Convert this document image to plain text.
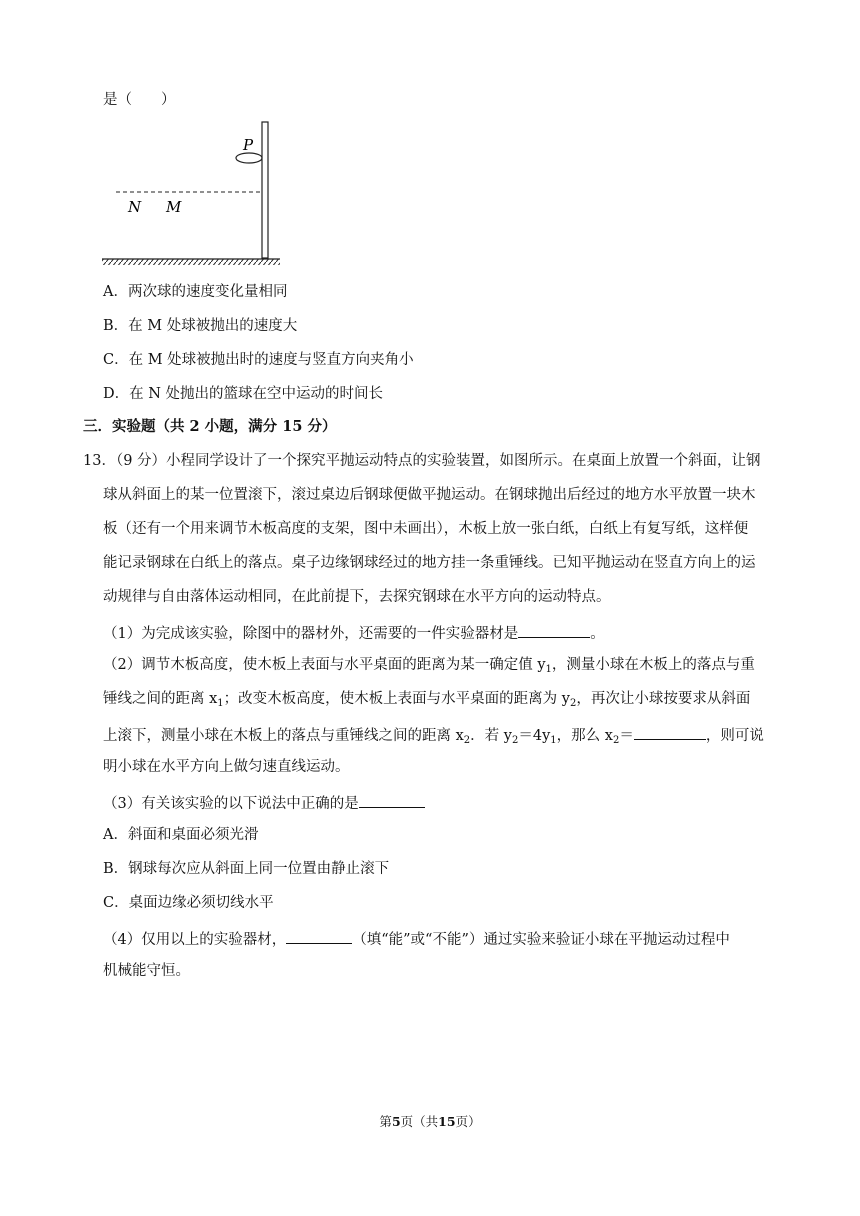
是（　　）
P
N M
A．两次球的速度变化量相同
B．在 M 处球被抛出的速度大
C．在 M 处球被抛出时的速度与竖直方向夹角小
D．在 N 处抛出的篮球在空中运动的时间长
三．实验题（共 2 小题，满分 15 分）
13．（9 分）小程同学设计了一个探究平抛运动特点的实验装置，如图所示。在桌面上放置一个斜面，让钢
球从斜面上的某一位置滚下，滚过桌边后钢球便做平抛运动。在钢球抛出后经过的地方水平放置一块木
板（还有一个用来调节木板高度的支架，图中未画出），木板上放一张白纸，白纸上有复写纸，这样便
能记录钢球在白纸上的落点。桌子边缘钢球经过的地方挂一条重锤线。已知平抛运动在竖直方向上的运
动规律与自由落体运动相同，在此前提下，去探究钢球在水平方向的运动特点。
（1）为完成该实验，除图中的器材外，还需要的一件实验器材是	。
（2）调节木板高度，使木板上表面与水平桌面的距离为某一确定值 $y_1$，测量小球在木板上的落点与重
锤线之间的距离 $x_1$；改变木板高度，使木板上表面与水平桌面的距离为 $y_2$，再次让小球按要求从斜面
上滚下，测量小球在木板上的落点与重锤线之间的距离 $x_2$．若 $y_2=4y_1$，那么 $x_2=$	，则可说
明小球在水平方向上做匀速直线运动。
（3）有关该实验的以下说法中正确的是
A．斜面和桌面必须光滑
B．钢球每次应从斜面上同一位置由静止滚下
C．桌面边缘必须切线水平
（4）仅用以上的实验器材，	（填“能”或“不能”）通过实验来验证小球在平抛运动过程中
机械能守恒。
第5页（共15页）
